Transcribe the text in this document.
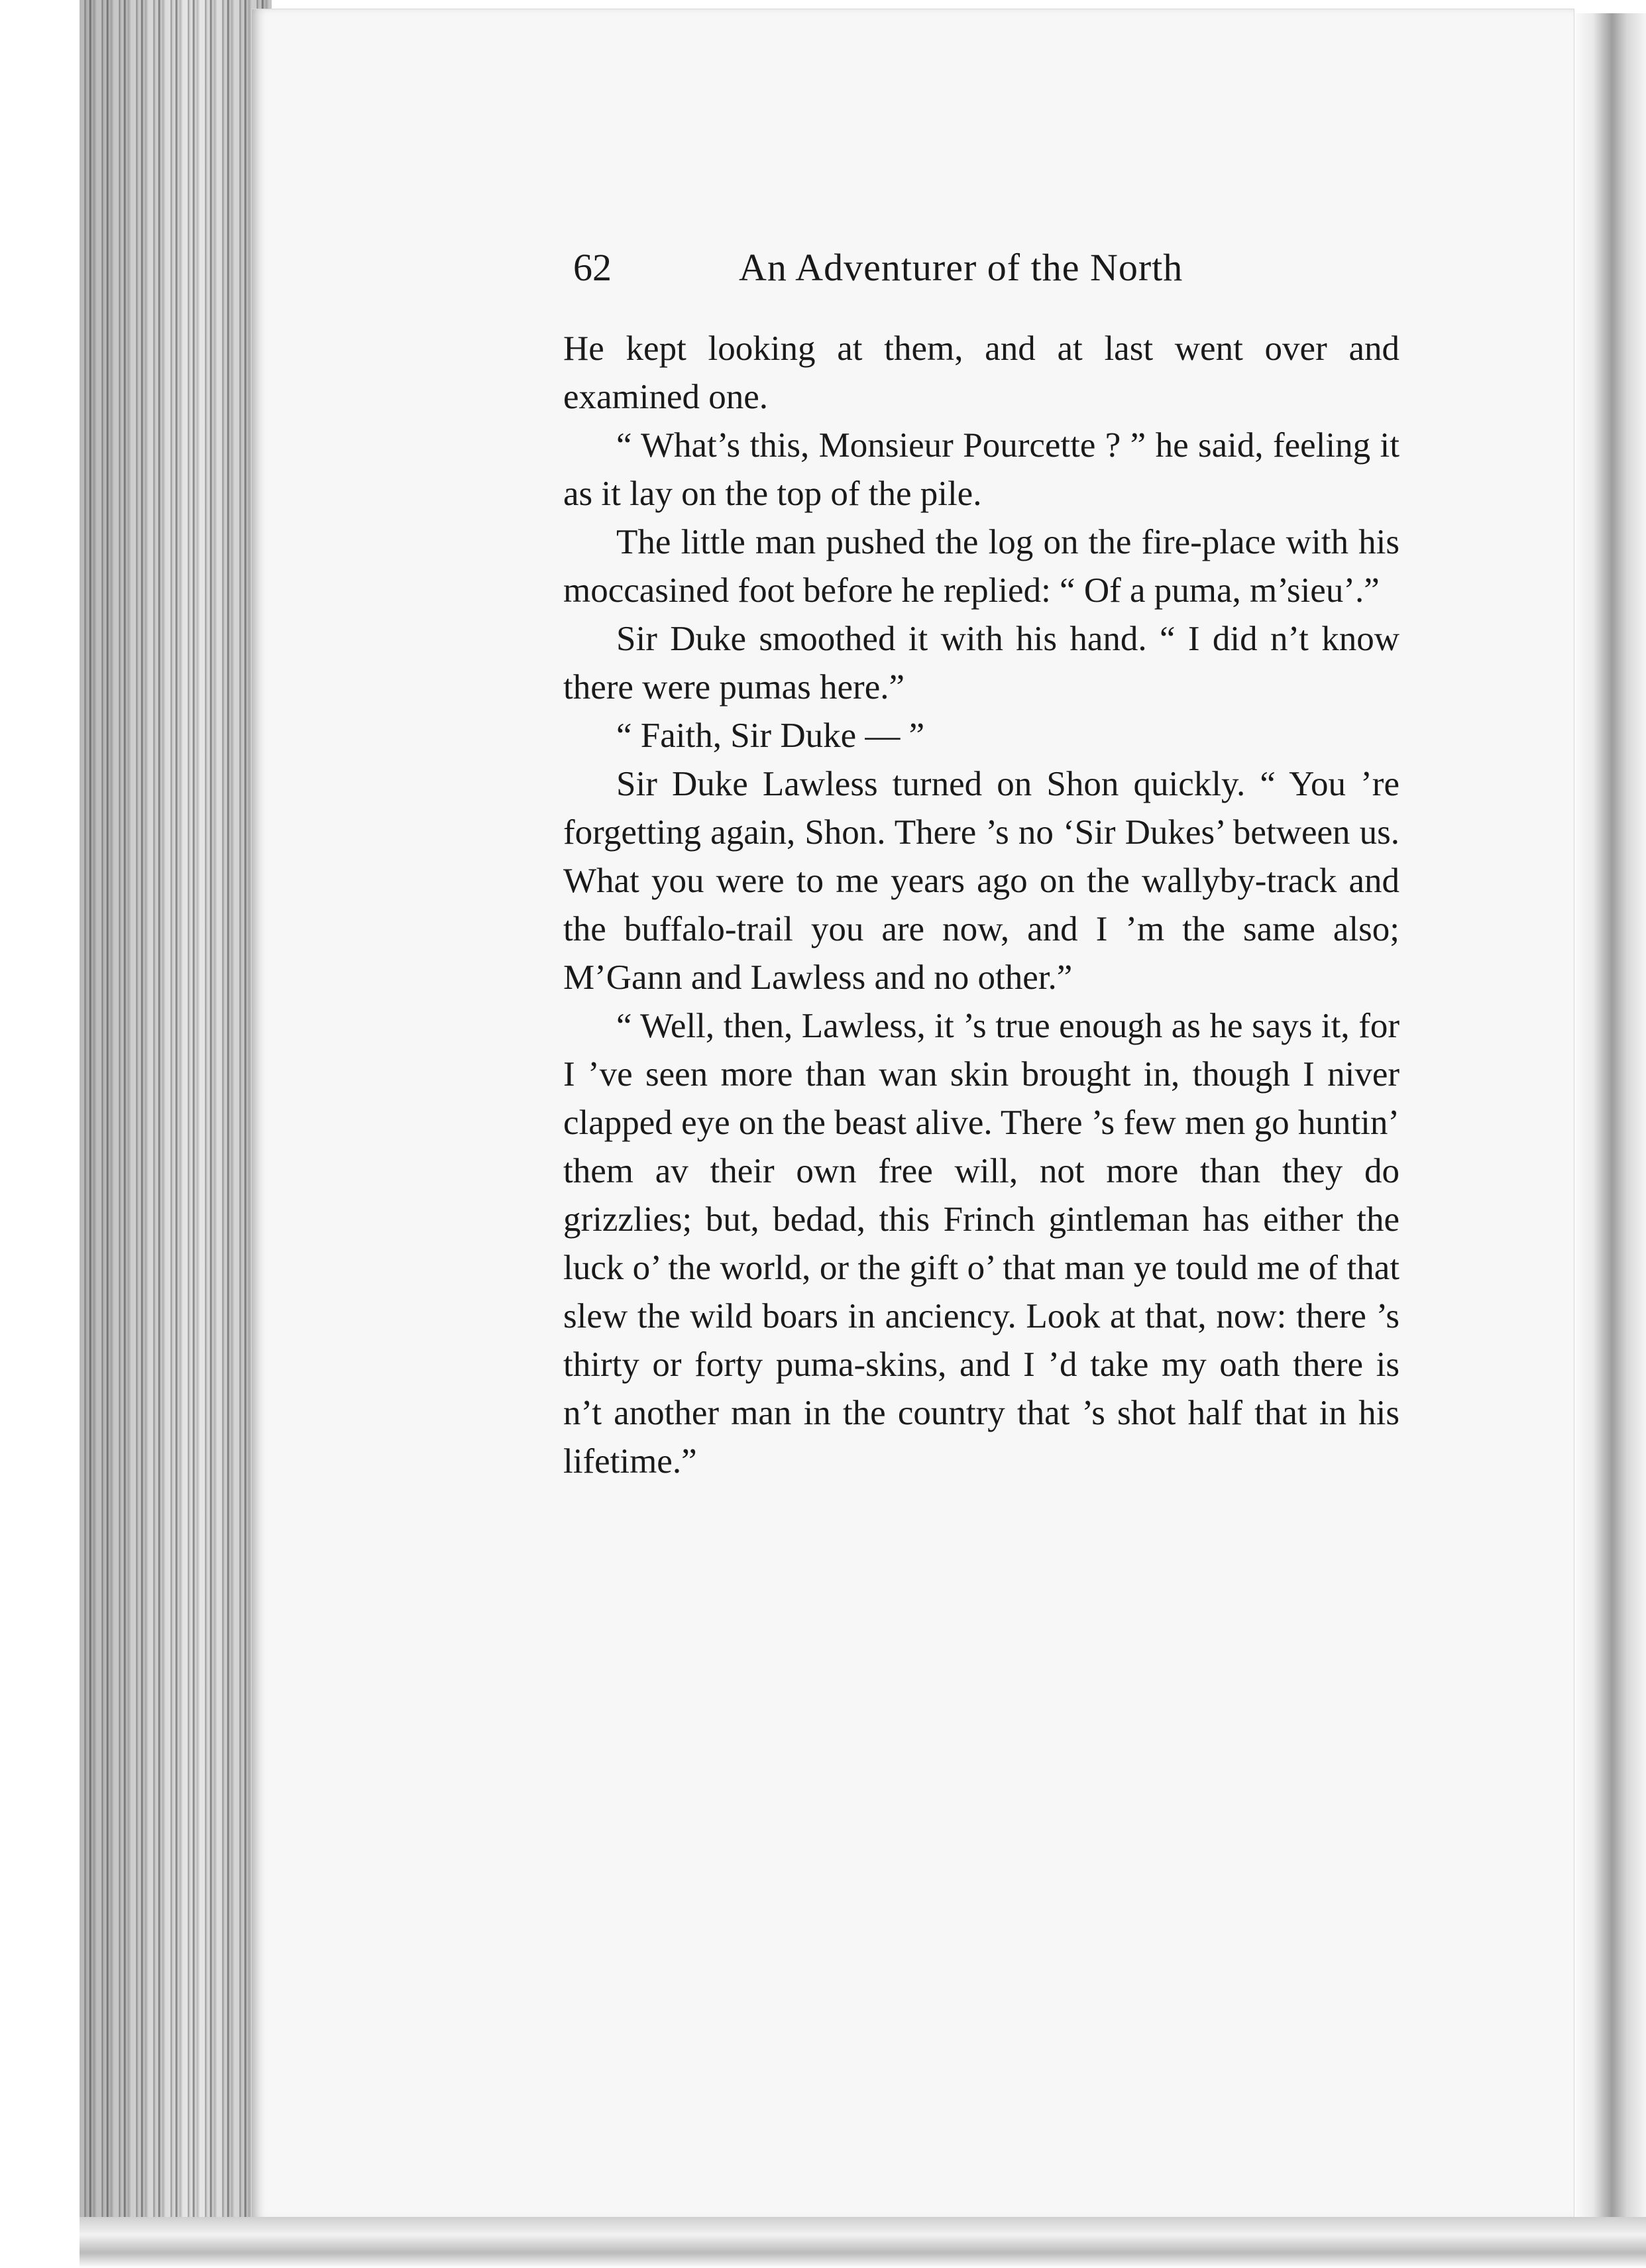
62	An Adventurer of the North

He kept looking at them, and at last went over and examined one.

“ What’s this, Monsieur Pourcette ? ” he said, feeling it as it lay on the top of the pile.

The little man pushed the log on the fire-place with his moccasined foot before he replied: “ Of a puma, m’sieu’.”

Sir Duke smoothed it with his hand. “ I did n’t know there were pumas here.”

“ Faith, Sir Duke — ”

Sir Duke Lawless turned on Shon quickly. “ You ’re forgetting again, Shon. There ’s no ‘Sir Dukes’ between us. What you were to me years ago on the wallyby-track and the buffalo-trail you are now, and I ’m the same also; M’Gann and Lawless and no other.”

“ Well, then, Lawless, it ’s true enough as he says it, for I ’ve seen more than wan skin brought in, though I niver clapped eye on the beast alive. There ’s few men go huntin’ them av their own free will, not more than they do grizzlies; but, bedad, this Frinch gintleman has either the luck o’ the world, or the gift o’ that man ye tould me of that slew the wild boars in anciency. Look at that, now: there ’s thirty or forty puma-skins, and I ’d take my oath there is n’t another man in the country that ’s shot half that in his lifetime.”
